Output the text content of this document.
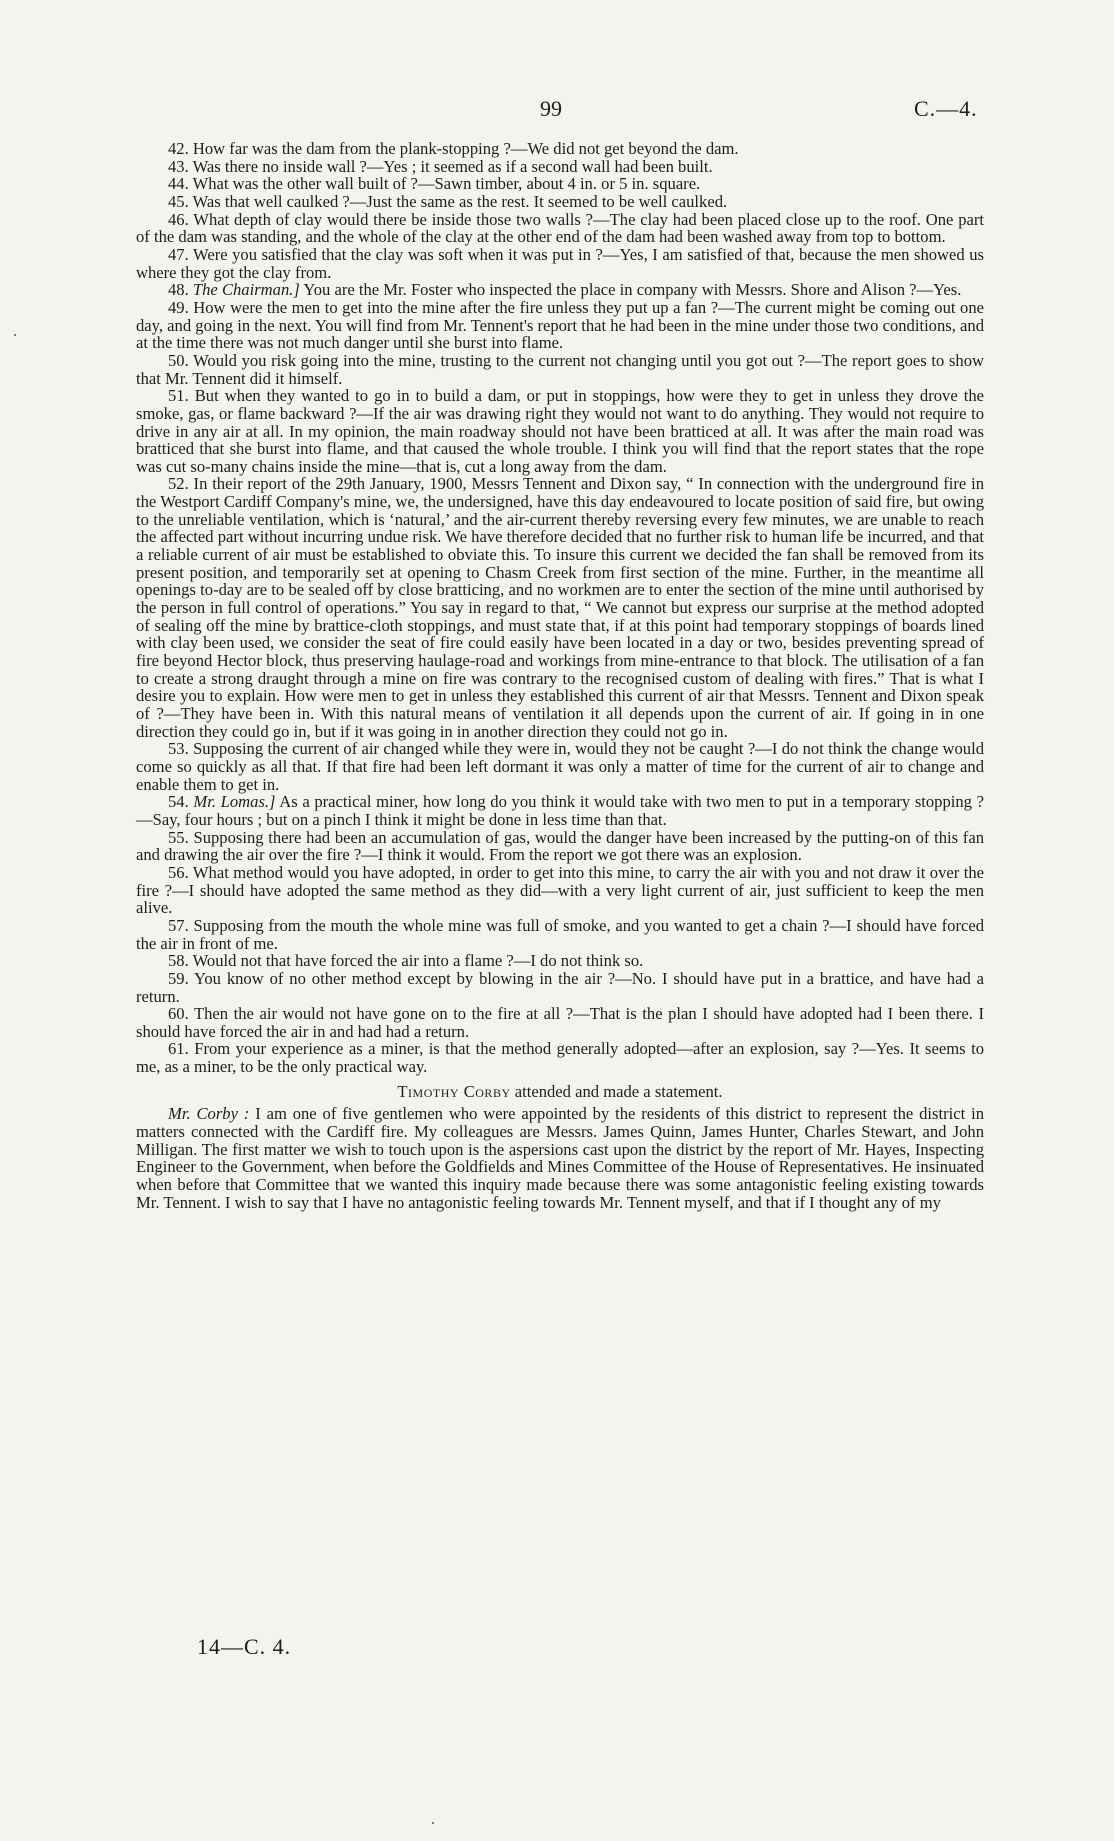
99	C.—4.

42. How far was the dam from the plank-stopping ?—We did not get beyond the dam.

43. Was there no inside wall ?—Yes ; it seemed as if a second wall had been built.

44. What was the other wall built of ?—Sawn timber, about 4 in. or 5 in. square.

45. Was that well caulked ?—Just the same as the rest. It seemed to be well caulked.

46. What depth of clay would there be inside those two walls ?—The clay had been placed close up to the roof. One part of the dam was standing, and the whole of the clay at the other end of the dam had been washed away from top to bottom.

47. Were you satisfied that the clay was soft when it was put in ?—Yes, I am satisfied of that, because the men showed us where they got the clay from.

48. The Chairman.] You are the Mr. Foster who inspected the place in company with Messrs. Shore and Alison ?—Yes.

49. How were the men to get into the mine after the fire unless they put up a fan ?—The current might be coming out one day, and going in the next. You will find from Mr. Tennent's report that he had been in the mine under those two conditions, and at the time there was not much danger until she burst into flame.

50. Would you risk going into the mine, trusting to the current not changing until you got out ?—The report goes to show that Mr. Tennent did it himself.

51. But when they wanted to go in to build a dam, or put in stoppings, how were they to get in unless they drove the smoke, gas, or flame backward ?—If the air was drawing right they would not want to do anything. They would not require to drive in any air at all. In my opinion, the main roadway should not have been bratticed at all. It was after the main road was bratticed that she burst into flame, and that caused the whole trouble. I think you will find that the report states that the rope was cut so-many chains inside the mine—that is, cut a long away from the dam.

52. In their report of the 29th January, 1900, Messrs Tennent and Dixon say, “ In connection with the underground fire in the Westport Cardiff Company's mine, we, the undersigned, have this day endeavoured to locate position of said fire, but owing to the unreliable ventilation, which is ‘natural,’ and the air-current thereby reversing every few minutes, we are unable to reach the affected part without incurring undue risk. We have therefore decided that no further risk to human life be incurred, and that a reliable current of air must be established to obviate this. To insure this current we decided the fan shall be removed from its present position, and temporarily set at opening to Chasm Creek from first section of the mine. Further, in the meantime all openings to-day are to be sealed off by close bratticing, and no workmen are to enter the section of the mine until authorised by the person in full control of operations.” You say in regard to that, “ We cannot but express our surprise at the method adopted of sealing off the mine by brattice-cloth stoppings, and must state that, if at this point had temporary stoppings of boards lined with clay been used, we consider the seat of fire could easily have been located in a day or two, besides preventing spread of fire beyond Hector block, thus preserving haulage-road and workings from mine-entrance to that block. The utilisation of a fan to create a strong draught through a mine on fire was contrary to the recognised custom of dealing with fires.” That is what I desire you to explain. How were men to get in unless they established this current of air that Messrs. Tennent and Dixon speak of ?—They have been in. With this natural means of ventilation it all depends upon the current of air. If going in in one direction they could go in, but if it was going in in another direction they could not go in.

53. Supposing the current of air changed while they were in, would they not be caught ?—I do not think the change would come so quickly as all that. If that fire had been left dormant it was only a matter of time for the current of air to change and enable them to get in.

54. Mr. Lomas.] As a practical miner, how long do you think it would take with two men to put in a temporary stopping ?—Say, four hours ; but on a pinch I think it might be done in less time than that.

55. Supposing there had been an accumulation of gas, would the danger have been increased by the putting-on of this fan and drawing the air over the fire ?—I think it would. From the report we got there was an explosion.

56. What method would you have adopted, in order to get into this mine, to carry the air with you and not draw it over the fire ?—I should have adopted the same method as they did—with a very light current of air, just sufficient to keep the men alive.

57. Supposing from the mouth the whole mine was full of smoke, and you wanted to get a chain ?—I should have forced the air in front of me.

58. Would not that have forced the air into a flame ?—I do not think so.

59. You know of no other method except by blowing in the air ?—No. I should have put in a brattice, and have had a return.

60. Then the air would not have gone on to the fire at all ?—That is the plan I should have adopted had I been there. I should have forced the air in and had had a return.

61. From your experience as a miner, is that the method generally adopted—after an explosion, say ?—Yes. It seems to me, as a miner, to be the only practical way.

Timothy Corby attended and made a statement.

Mr. Corby : I am one of five gentlemen who were appointed by the residents of this district to represent the district in matters connected with the Cardiff fire. My colleagues are Messrs. James Quinn, James Hunter, Charles Stewart, and John Milligan. The first matter we wish to touch upon is the aspersions cast upon the district by the report of Mr. Hayes, Inspecting Engineer to the Government, when before the Goldfields and Mines Committee of the House of Representatives. He insinuated when before that Committee that we wanted this inquiry made because there was some antagonistic feeling existing towards Mr. Tennent. I wish to say that I have no antagonistic feeling towards Mr. Tennent myself, and that if I thought any of my

14—C. 4.
